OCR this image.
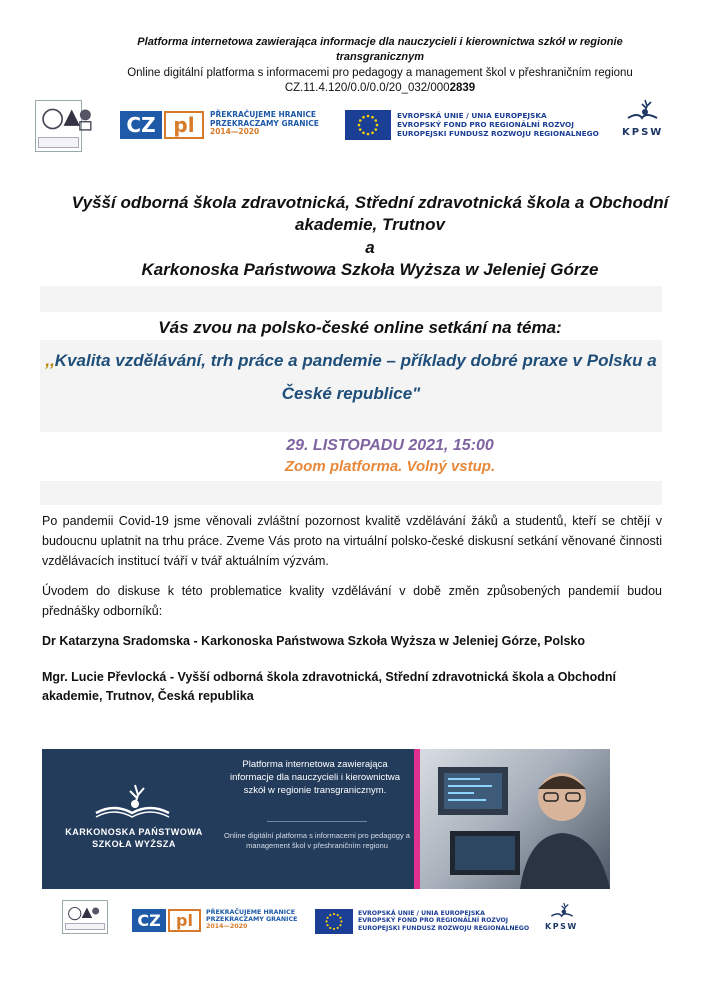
Platforma internetowa zawierająca informacje dla nauczycieli i kierownictwa szkół w regionie
transgranicznym
Online digitální platforma s informacemi pro pedagogy a management škol v přeshraničním regionu
CZ.11.4.120/0.0/0.0/20_032/0002839
CZ pl	PŘEKRAČUJEME HRANICE
PRZEKRACZAMY GRANICE
2014—2020
EVROPSKÁ UNIE / UNIA EUROPEJSKA
EVROPSKÝ FOND PRO REGIONÁLNÍ ROZVOJ
EUROPEJSKI FUNDUSZ ROZWOJU REGIONALNEGO KPSW
Vyšší odborná škola zdravotnická, Střední zdravotnická škola a Obchodní
akademie, Trutnov
a
Karkonoska Państwowa Szkoła Wyższa w Jeleniej Górze
Vás zvou na polsko-české online setkání na téma:
,,Kvalita vzdělávání, trh práce a pandemie – příklady dobré praxe v Polsku a
České republice"
29. LISTOPADU 2021, 15:00
Zoom platforma. Volný vstup.
Po pandemii Covid-19 jsme věnovali zvláštní pozornost kvalitě vzdělávání žáků a studentů, kteří se chtějí v budoucnu uplatnit na trhu práce. Zveme Vás proto na virtuální polsko-české diskusní setkání věnované činnosti vzdělávacích institucí tváří v tvář aktuálním výzvám.
Úvodem do diskuse k této problematice kvality vzdělávání v době změn způsobených pandemií budou přednášky odborníků:
Dr Katarzyna Sradomska - Karkonoska Państwowa Szkoła Wyższa w Jeleniej Górze, Polsko
Mgr. Lucie Převlocká - Vyšší odborná škola zdravotnická, Střední zdravotnická škola a Obchodní akademie, Trutnov, Česká republika
KARKONOSKA PAŃSTWOWA
SZKOŁA WYŻSZA
Platforma internetowa zawierająca informacje dla nauczycieli i kierownictwa szkół w regionie transgranicznym.
Online digitální platforma s informacemi pro pedagogy a management škol v přeshraničním regionu
CZ pl	PŘEKRAČUJEME HRANICE
PRZEKRACZAMY GRANICE
2014—2020
EVROPSKÁ UNIE / UNIA EUROPEJSKA
EVROPSKÝ FOND PRO REGIONÁLNÍ ROZVOJ
EUROPEJSKI FUNDUSZ ROZWOJU REGIONALNEGO KPSW
